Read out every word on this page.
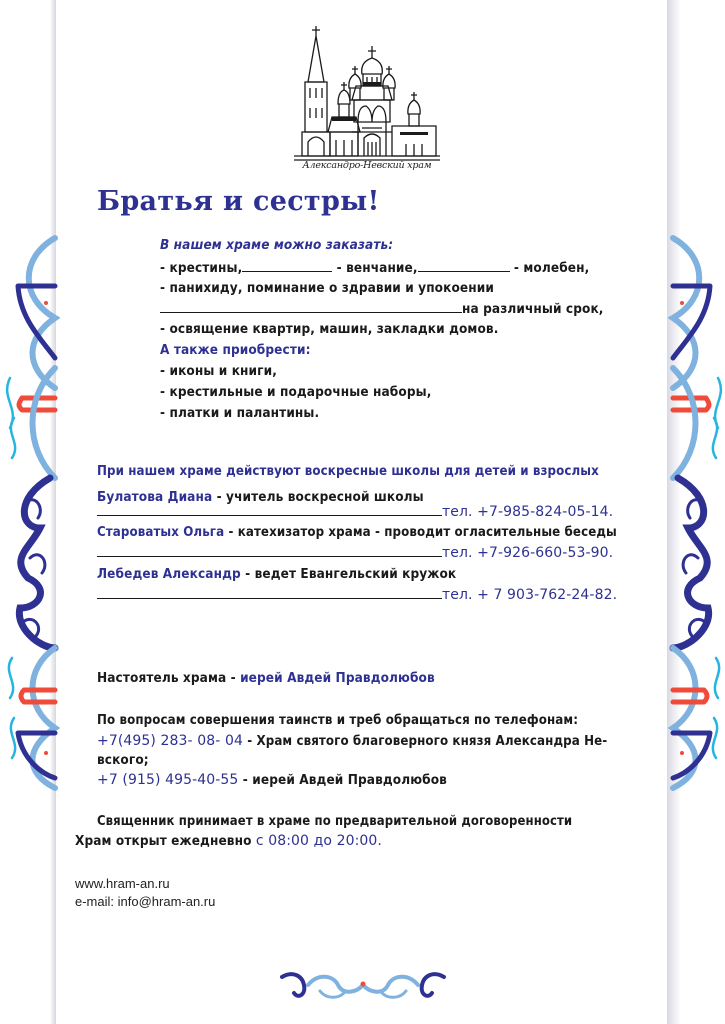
Александро-Невский храм
Братья и сестры!
В нашем храме можно заказать:
- крестины,	- венчание,	- молебен,
- панихиду, поминание о здравии и упокоении
на различный срок,
- освящение квартир, машин, закладки домов.
А также приобрести:
- иконы и книги,
- крестильные и подарочные наборы,
- платки и палантины.
При нашем храме действуют воскресные школы для детей и взрослых
Булатова Диана - учитель воскресной школы
тел. +7-985-824-05-14.
Староватых Ольга - катехизатор храма - проводит огласительные беседы
тел. +7-926-660-53-90.
Лебедев Александр - ведет Евангельский кружок
тел. + 7 903-762-24-82.
Настоятель храма - иерей Авдей Правдолюбов
По вопросам совершения таинств и треб обращаться по телефонам:
+7(495) 283- 08- 04 - Храм святого благоверного князя Александра Не-
вского;
+7 (915) 495-40-55 - иерей Авдей Правдолюбов
Священник принимает в храме по предварительной договоренности
Храм открыт ежедневно с 08:00 до 20:00.
www.hram-an.ru
e-mail: info@hram-an.ru
